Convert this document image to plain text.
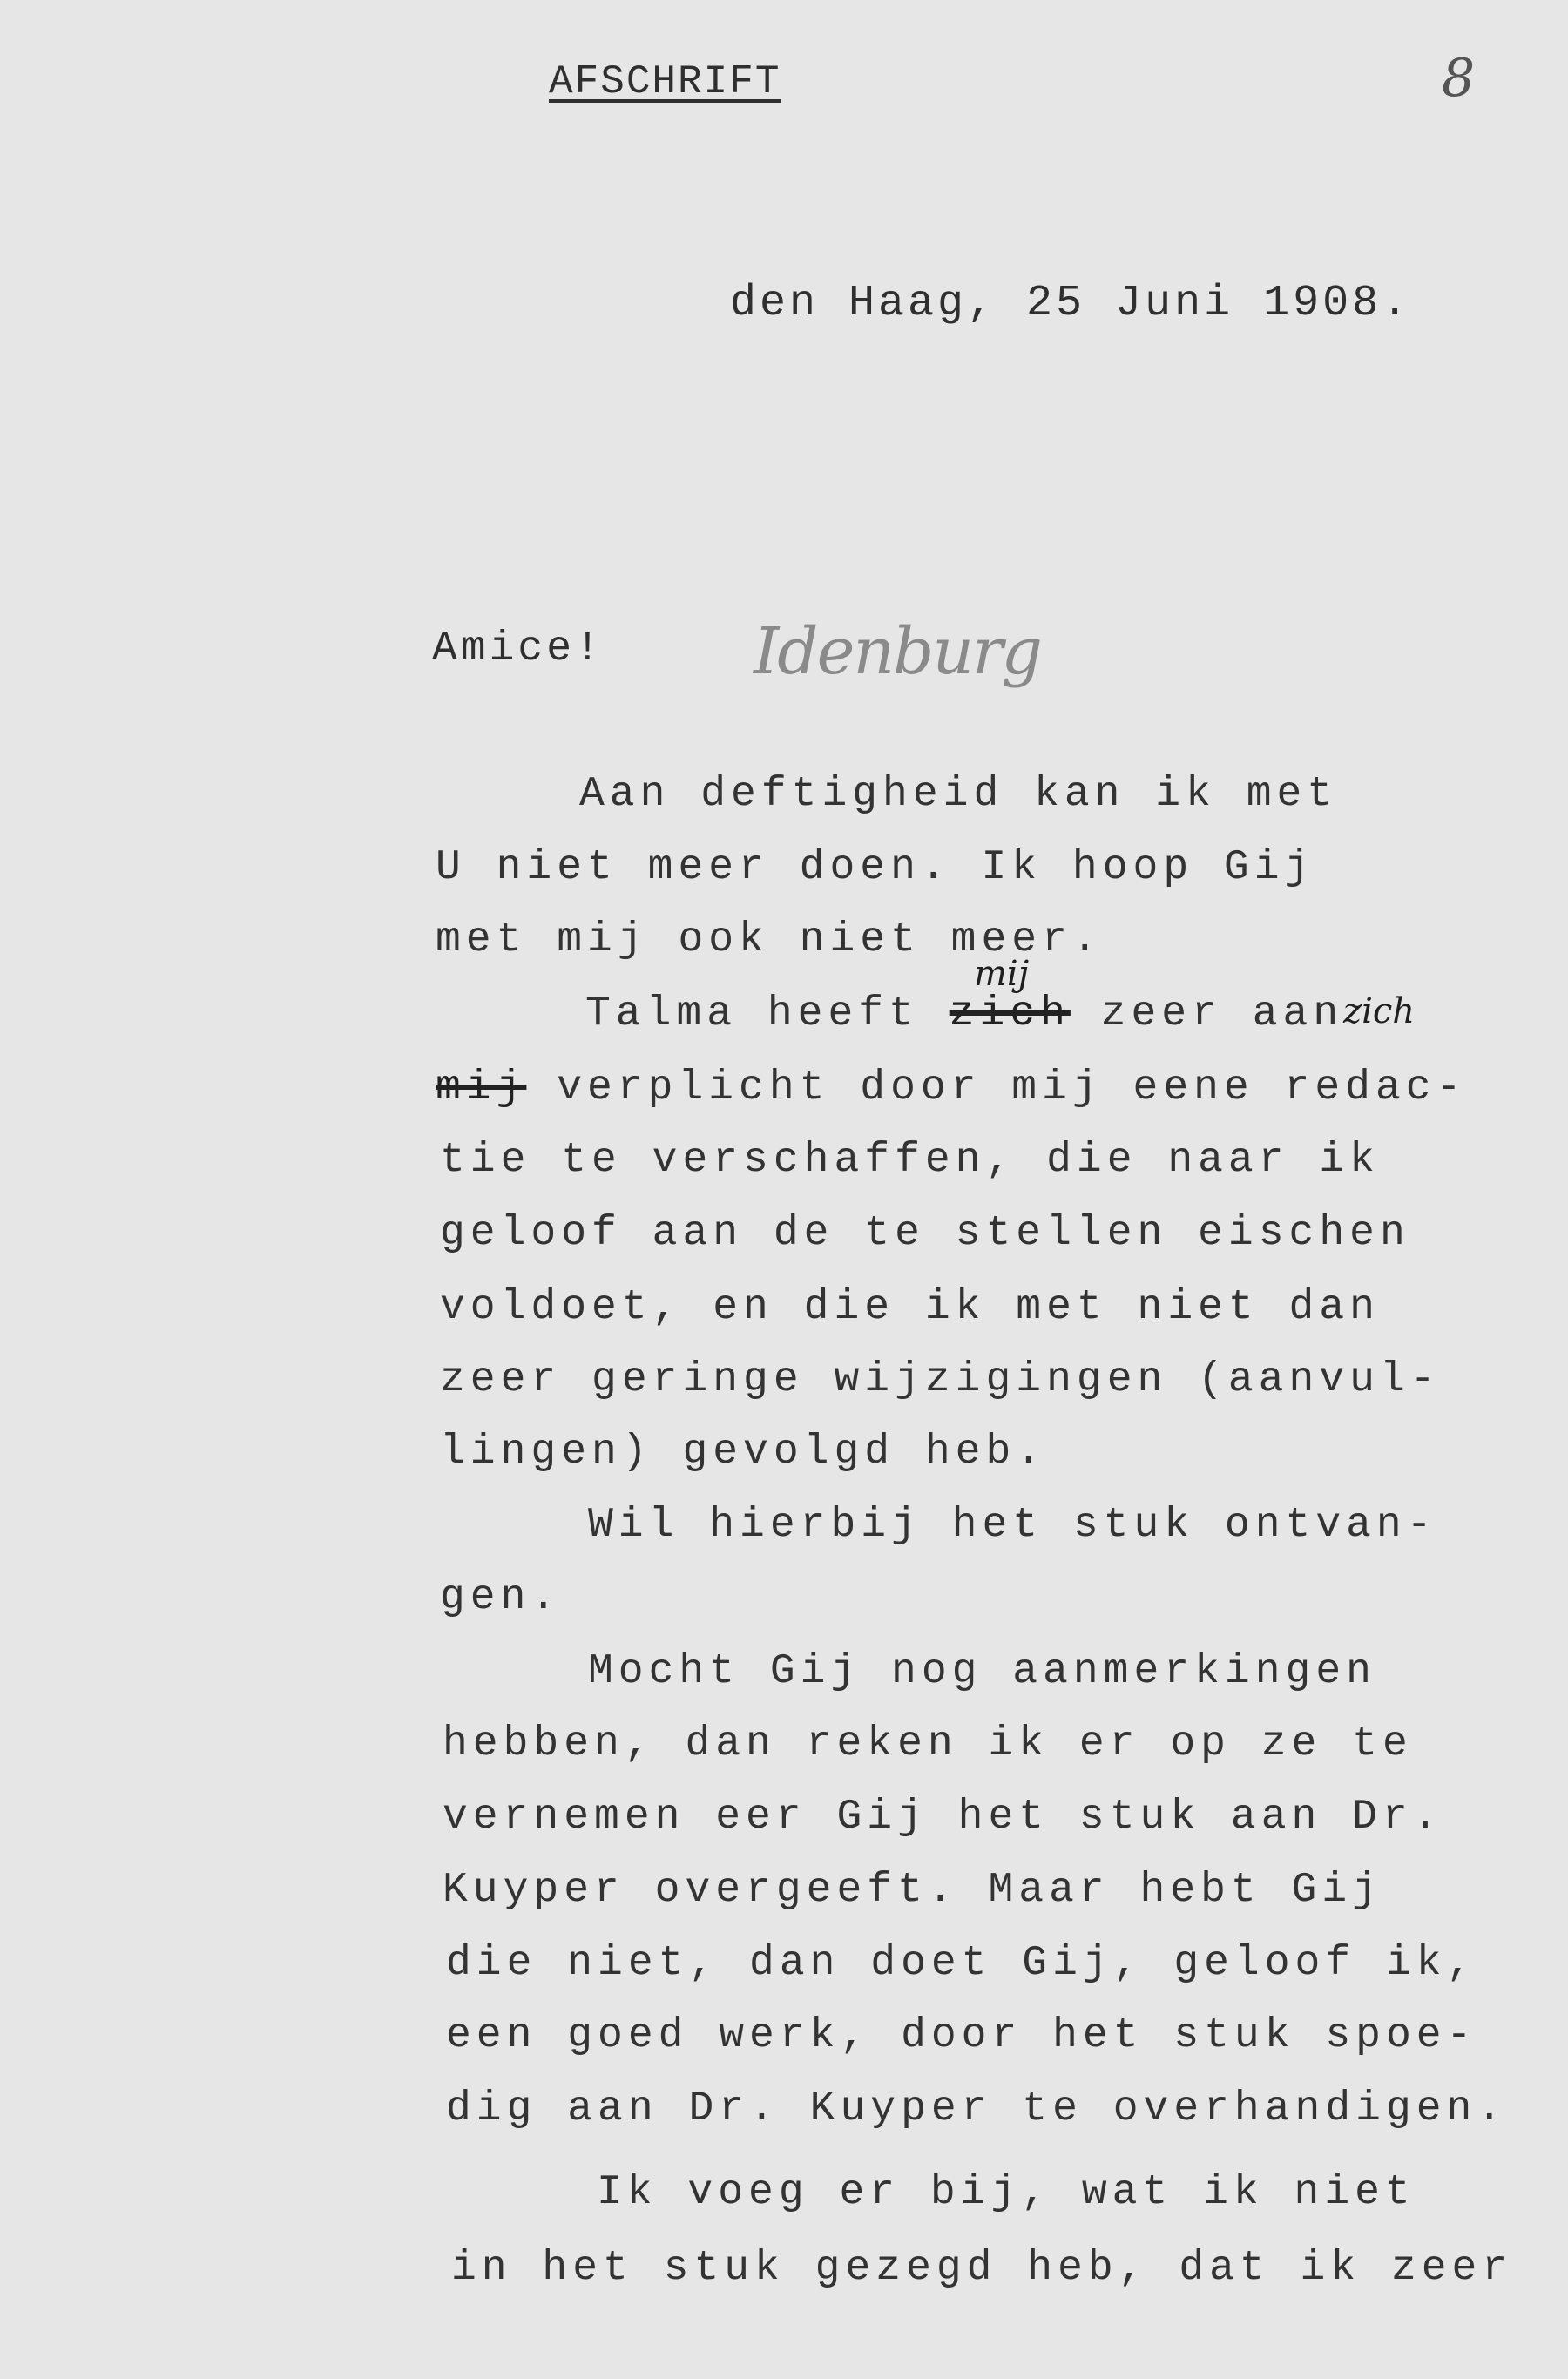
AFSCHRIFT	8
den Haag, 25 Juni 1908.
Amice! Idenburg
Aan deftigheid kan ik met
U niet meer doen. Ik hoop Gij
met mij ook niet meer.
Talma heeft zich zeer aan
mij
zich
mij verplicht door mij eene redac-
tie te verschaffen, die naar ik
geloof aan de te stellen eischen
voldoet, en die ik met niet dan
zeer geringe wijzigingen (aanvul-
lingen) gevolgd heb.
Wil hierbij het stuk ontvan-
gen.
Mocht Gij nog aanmerkingen
hebben, dan reken ik er op ze te
vernemen eer Gij het stuk aan Dr.
Kuyper overgeeft. Maar hebt Gij
die niet, dan doet Gij, geloof ik,
een goed werk, door het stuk spoe-
dig aan Dr. Kuyper te overhandigen.
Ik voeg er bij, wat ik niet
in het stuk gezegd heb, dat ik zeer
